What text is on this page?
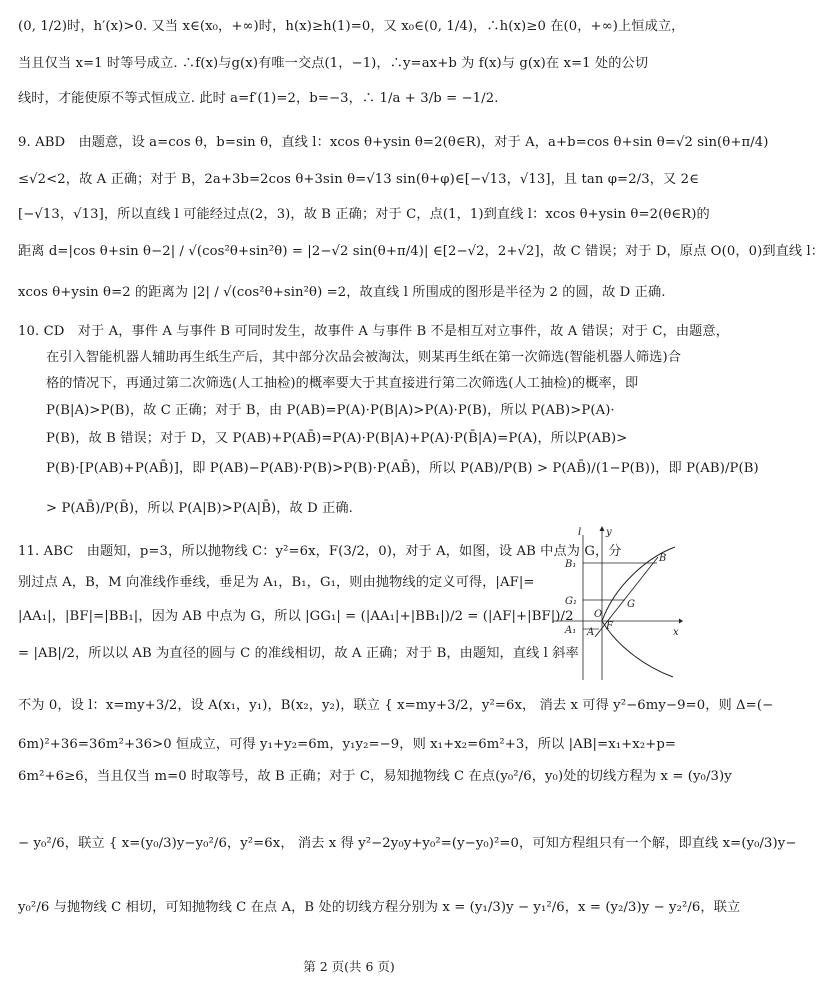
(0, 1/2)时，h′(x)>0. 又当 x∈(x₀，+∞)时，h(x)≥h(1)=0，又 x₀∈(0, 1/4)，∴h(x)≥0 在(0，+∞)上恒成立，
当且仅当 x=1 时等号成立. ∴f(x)与g(x)有唯一交点(1，−1)，∴y=ax+b 为 f(x)与 g(x)在 x=1 处的公切
线时，才能使原不等式恒成立. 此时 a=f′(1)=2，b=−3，∴ 1/a + 3/b = −1/2.
9. ABD　由题意，设 a=cos θ，b=sin θ，直线 l：xcos θ+ysin θ=2(θ∈R)，对于 A，a+b=cos θ+sin θ=√2 sin(θ+π/4)
≤√2<2，故 A 正确；对于 B，2a+3b=2cos θ+3sin θ=√13 sin(θ+φ)∈[−√13，√13]，且 tan φ=2/3，又 2∈
[−√13，√13]，所以直线 l 可能经过点(2，3)，故 B 正确；对于 C，点(1，1)到直线 l：xcos θ+ysin θ=2(θ∈R)的
距离 d=|cos θ+sin θ−2| / √(cos²θ+sin²θ) = |2−√2 sin(θ+π/4)| ∈[2−√2，2+√2]，故 C 错误；对于 D，原点 O(0，0)到直线 l：
xcos θ+ysin θ=2 的距离为 |2| / √(cos²θ+sin²θ) =2，故直线 l 所围成的图形是半径为 2 的圆，故 D 正确.
10. CD　对于 A，事件 A 与事件 B 可同时发生，故事件 A 与事件 B 不是相互对立事件，故 A 错误；对于 C，由题意，
在引入智能机器人辅助再生纸生产后，其中部分次品会被淘汰，则某再生纸在第一次筛选(智能机器人筛选)合
格的情况下，再通过第二次筛选(人工抽检)的概率要大于其直接进行第二次筛选(人工抽检)的概率，即
P(B|A)>P(B)，故 C 正确；对于 B，由 P(AB)=P(A)·P(B|A)>P(A)·P(B)，所以 P(AB)>P(A)·
P(B)，故 B 错误；对于 D，又 P(AB)+P(AB̄)=P(A)·P(B|A)+P(A)·P(B̄|A)=P(A)，所以P(AB)>
P(B)·[P(AB)+P(AB̄)]，即 P(AB)−P(AB)·P(B)>P(B)·P(AB̄)，所以 P(AB)/P(B) > P(AB̄)/(1−P(B))，即 P(AB)/P(B)
> P(AB̄)/P(B̄)，所以 P(A|B)>P(A|B̄)，故 D 正确.
11. ABC　由题知，p=3，所以抛物线 C：y²=6x，F(3/2，0)，对于 A，如图，设 AB 中点为 G，分
别过点 A，B，M 向准线作垂线，垂足为 A₁，B₁，G₁，则由抛物线的定义可得，|AF|=
|AA₁|，|BF|=|BB₁|，因为 AB 中点为 G，所以 |GG₁| = (|AA₁|+|BB₁|)/2 = (|AF|+|BF|)/2
= |AB|/2，所以以 AB 为直径的圆与 C 的准线相切，故 A 正确；对于 B，由题知，直线 l 斜率
不为 0，设 l：x=my+3/2，设 A(x₁，y₁)，B(x₂，y₂)，联立 { x=my+3/2，y²=6x， 消去 x 可得 y²−6my−9=0，则 Δ=(−
6m)²+36=36m²+36>0 恒成立，可得 y₁+y₂=6m，y₁y₂=−9，则 x₁+x₂=6m²+3，所以 |AB|=x₁+x₂+p=
6m²+6≥6，当且仅当 m=0 时取等号，故 B 正确；对于 C，易知抛物线 C 在点(y₀²/6，y₀)处的切线方程为 x = (y₀/3)y
− y₀²/6，联立 { x=(y₀/3)y−y₀²/6，y²=6x， 消去 x 得 y²−2y₀y+y₀²=(y−y₀)²=0，可知方程组只有一个解，即直线 x=(y₀/3)y−
y₀²/6 与抛物线 C 相切，可知抛物线 C 在点 A，B 处的切线方程分别为 x = (y₁/3)y − y₁²/6，x = (y₂/3)y − y₂²/6，联立
l y
B₁
B
G₁	G
O
A₁ A
F
x
第 2 页(共 6 页)
